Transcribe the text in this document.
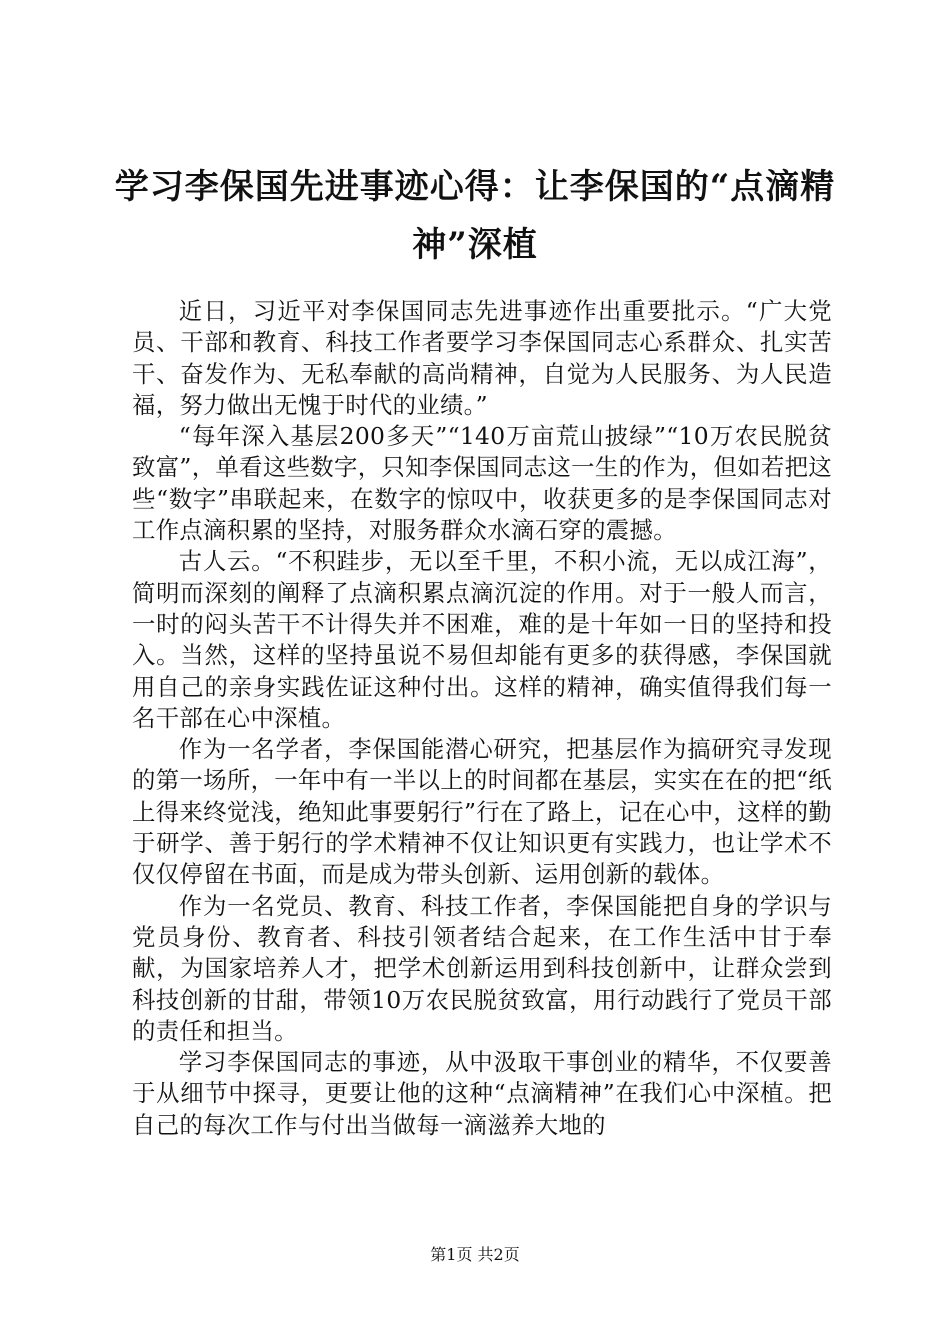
学习李保国先进事迹心得：让李保国的“点滴精神”深植

近日，习近平对李保国同志先进事迹作出重要批示。“广大党员、干部和教育、科技工作者要学习李保国同志心系群众、扎实苦干、奋发作为、无私奉献的高尚精神，自觉为人民服务、为人民造福，努力做出无愧于时代的业绩。”

“每年深入基层200多天”“140万亩荒山披绿”“10万农民脱贫致富”，单看这些数字，只知李保国同志这一生的作为，但如若把这些“数字”串联起来，在数字的惊叹中，收获更多的是李保国同志对工作点滴积累的坚持，对服务群众水滴石穿的震撼。

古人云。“不积跬步，无以至千里，不积小流，无以成江海”，简明而深刻的阐释了点滴积累点滴沉淀的作用。对于一般人而言，一时的闷头苦干不计得失并不困难，难的是十年如一日的坚持和投入。当然，这样的坚持虽说不易但却能有更多的获得感，李保国就用自己的亲身实践佐证这种付出。这样的精神，确实值得我们每一名干部在心中深植。

作为一名学者，李保国能潜心研究，把基层作为搞研究寻发现的第一场所，一年中有一半以上的时间都在基层，实实在在的把“纸上得来终觉浅，绝知此事要躬行”行在了路上，记在心中，这样的勤于研学、善于躬行的学术精神不仅让知识更有实践力，也让学术不仅仅停留在书面，而是成为带头创新、运用创新的载体。

作为一名党员、教育、科技工作者，李保国能把自身的学识与党员身份、教育者、科技引领者结合起来，在工作生活中甘于奉献，为国家培养人才，把学术创新运用到科技创新中，让群众尝到科技创新的甘甜，带领10万农民脱贫致富，用行动践行了党员干部的责任和担当。

学习李保国同志的事迹，从中汲取干事创业的精华，不仅要善于从细节中探寻，更要让他的这种“点滴精神”在我们心中深植。把自己的每次工作与付出当做每一滴滋养大地的

第1页 共2页
